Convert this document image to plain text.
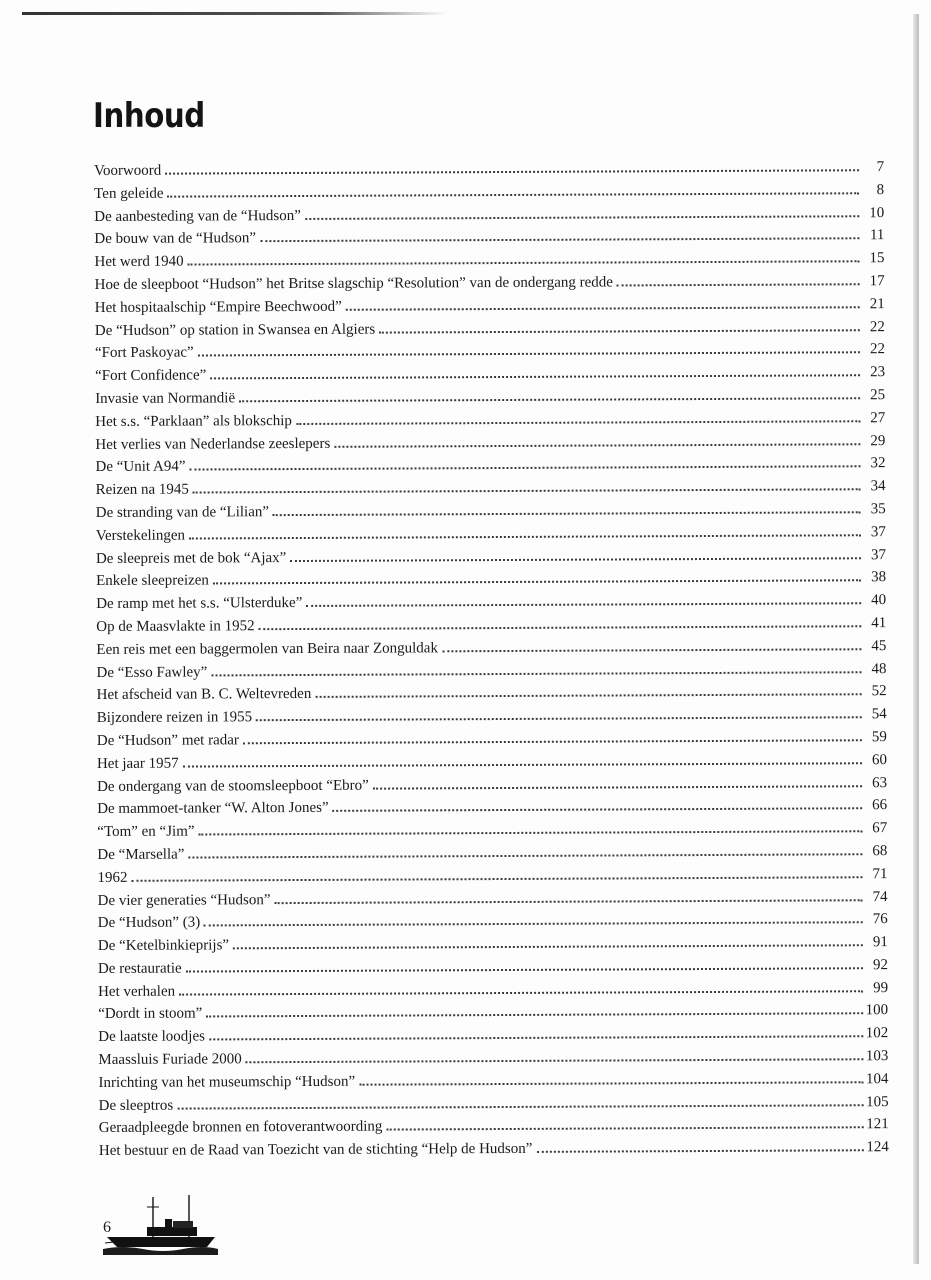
Inhoud
Voorwoord	7
Ten geleide	8
De aanbesteding van de “Hudson”	10
De bouw van de “Hudson”	11
Het werd 1940	15
Hoe de sleepboot “Hudson” het Britse slagschip “Resolution” van de ondergang redde	17
Het hospitaalschip “Empire Beechwood”	21
De “Hudson” op station in Swansea en Algiers	22
“Fort Paskoyac”	22
“Fort Confidence”	23
Invasie van Normandië	25
Het s.s. “Parklaan” als blokschip	27
Het verlies van Nederlandse zeeslepers	29
De “Unit A94”	32
Reizen na 1945	34
De stranding van de “Lilian”	35
Verstekelingen	37
De sleepreis met de bok “Ajax”	37
Enkele sleepreizen	38
De ramp met het s.s. “Ulsterduke”	40
Op de Maasvlakte in 1952	41
Een reis met een baggermolen van Beira naar Zonguldak	45
De “Esso Fawley”	48
Het afscheid van B. C. Weltevreden	52
Bijzondere reizen in 1955	54
De “Hudson” met radar	59
Het jaar 1957	60
De ondergang van de stoomsleepboot “Ebro”	63
De mammoet-tanker “W. Alton Jones”	66
“Tom” en “Jim”	67
De “Marsella”	68
1962	71
De vier generaties “Hudson”	74
De “Hudson” (3)	76
De “Ketelbinkieprijs”	91
De restauratie	92
Het verhalen	99
“Dordt in stoom”	100
De laatste loodjes	102
Maassluis Furiade 2000	103
Inrichting van het museumschip “Hudson”	104
De sleeptros	105
Geraadpleegde bronnen en fotoverantwoording	121
Het bestuur en de Raad van Toezicht van de stichting “Help de Hudson”	124
6
